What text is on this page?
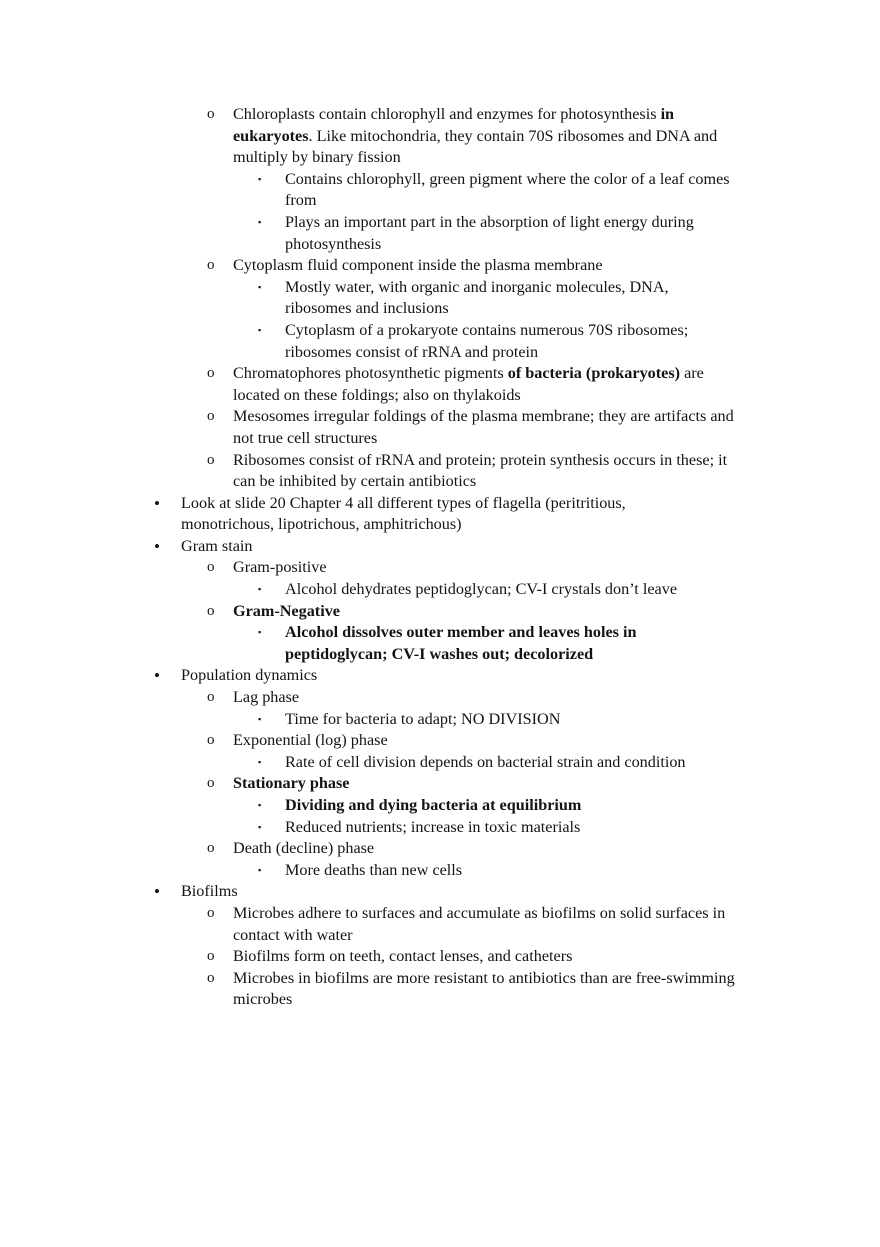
o Chloroplasts contain chlorophyll and enzymes for photosynthesis in eukaryotes. Like mitochondria, they contain 70S ribosomes and DNA and multiply by binary fission
▪ Contains chlorophyll, green pigment where the color of a leaf comes from
▪ Plays an important part in the absorption of light energy during photosynthesis
o Cytoplasm fluid component inside the plasma membrane
▪ Mostly water, with organic and inorganic molecules, DNA, ribosomes and inclusions
▪ Cytoplasm of a prokaryote contains numerous 70S ribosomes; ribosomes consist of rRNA and protein
o Chromatophores photosynthetic pigments of bacteria (prokaryotes) are located on these foldings; also on thylakoids
o Mesosomes irregular foldings of the plasma membrane; they are artifacts and not true cell structures
o Ribosomes consist of rRNA and protein; protein synthesis occurs in these; it can be inhibited by certain antibiotics
• Look at slide 20 Chapter 4 all different types of flagella (peritritious, monotrichous, lipotrichous, amphitrichous)
• Gram stain
o Gram-positive
▪ Alcohol dehydrates peptidoglycan; CV-I crystals don’t leave
o Gram-Negative
▪ Alcohol dissolves outer member and leaves holes in peptidoglycan; CV-I washes out; decolorized
• Population dynamics
o Lag phase
▪ Time for bacteria to adapt; NO DIVISION
o Exponential (log) phase
▪ Rate of cell division depends on bacterial strain and condition
o Stationary phase
▪ Dividing and dying bacteria at equilibrium
▪ Reduced nutrients; increase in toxic materials
o Death (decline) phase
▪ More deaths than new cells
• Biofilms
o Microbes adhere to surfaces and accumulate as biofilms on solid surfaces in contact with water
o Biofilms form on teeth, contact lenses, and catheters
o Microbes in biofilms are more resistant to antibiotics than are free-swimming microbes
